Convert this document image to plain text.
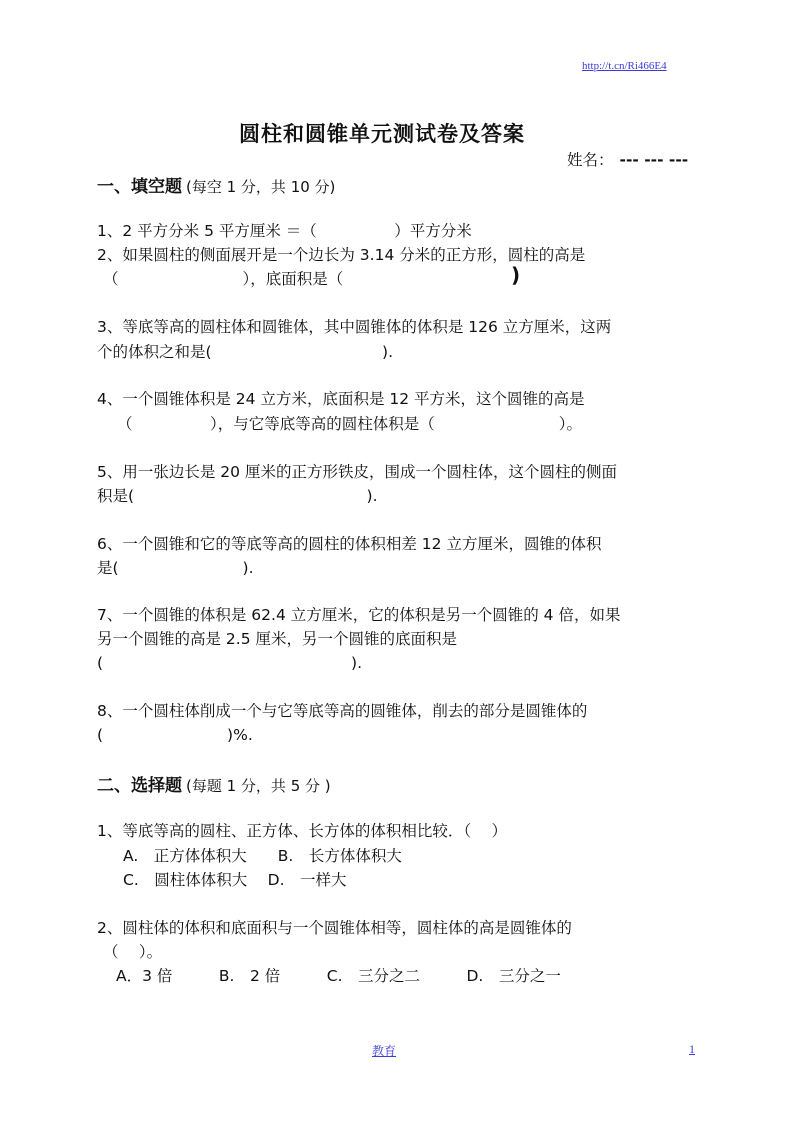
http://t.cn/Ri466E4
圆柱和圆锥单元测试卷及答案
姓名： --- --- ---
一、填空题 (每空 1 分，共 10 分)
1、2 平方分米 5 平方厘米 ＝（　　　　　）平方分米
2、如果圆柱的侧面展开是一个边长为 3.14 分米的正方形，圆柱的高是
（　　　　　　　　），底面积是（　　　　　　	)
3、等底等高的圆柱体和圆锥体，其中圆锥体的体积是 126 立方厘米，这两
个的体积之和是(　　　　　　　　　　　).
4、一个圆锥体积是 24 立方米，底面积是 12 平方米，这个圆锥的高是
（　　　　　），与它等底等高的圆柱体积是（　　　　　　　　）。
5、用一张边长是 20 厘米的正方形铁皮，围成一个圆柱体，这个圆柱的侧面
积是(　　　　　　　　　　　　　　　).
6、一个圆锥和它的等底等高的圆柱的体积相差 12 立方厘米，圆锥的体积
是(　　　　　　　　).
7、一个圆锥的体积是 62.4 立方厘米，它的体积是另一个圆锥的 4 倍，如果
另一个圆锥的高是 2.5 厘米，另一个圆锥的底面积是
(　　　　　　　　　　　　　　　　).
8、一个圆柱体削成一个与它等底等高的圆锥体，削去的部分是圆锥体的
(　　　　　　　　)%.
二、选择题 (每题 1 分，共 5 分 )
1、等底等高的圆柱、正方体、长方体的体积相比较．（　 ）
A.　正方体体积大　　B.　长方体体积大
C.　圆柱体体积大　 D.　一样大
2、圆柱体的体积和底面积与一个圆锥体相等，圆柱体的高是圆锥体的
（　 ）。
A．3 倍　　　B.　2 倍　　　C.　三分之二　　　D.　三分之一
教育	1
